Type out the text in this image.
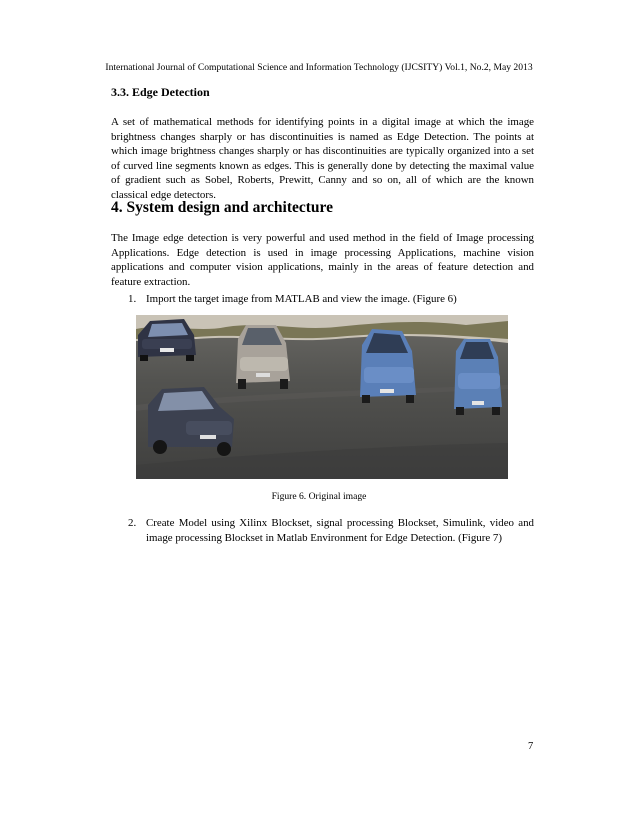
International Journal of Computational Science and Information Technology (IJCSITY) Vol.1, No.2, May 2013
3.3. Edge Detection

A set of mathematical methods for identifying points in a digital image at which the image brightness changes sharply or has discontinuities is named as Edge Detection. The points at which image brightness changes sharply or has discontinuities are typically organized into a set of curved line segments known as edges. This is generally done by detecting the maximal value of gradient such as Sobel, Roberts, Prewitt, Canny and so on, all of which are the known classical edge detectors.

4. System design and architecture

The Image edge detection is very powerful and used method in the field of Image processing Applications. Edge detection is used in image processing Applications, machine vision applications and computer vision applications, mainly in the areas of feature detection and feature extraction.

1. Import the target image from MATLAB and view the image. (Figure 6)
Figure 6. Original image
2. Create Model using Xilinx Blockset, signal processing Blockset, Simulink, video and image processing Blockset in Matlab Environment for Edge Detection. (Figure 7)
7
